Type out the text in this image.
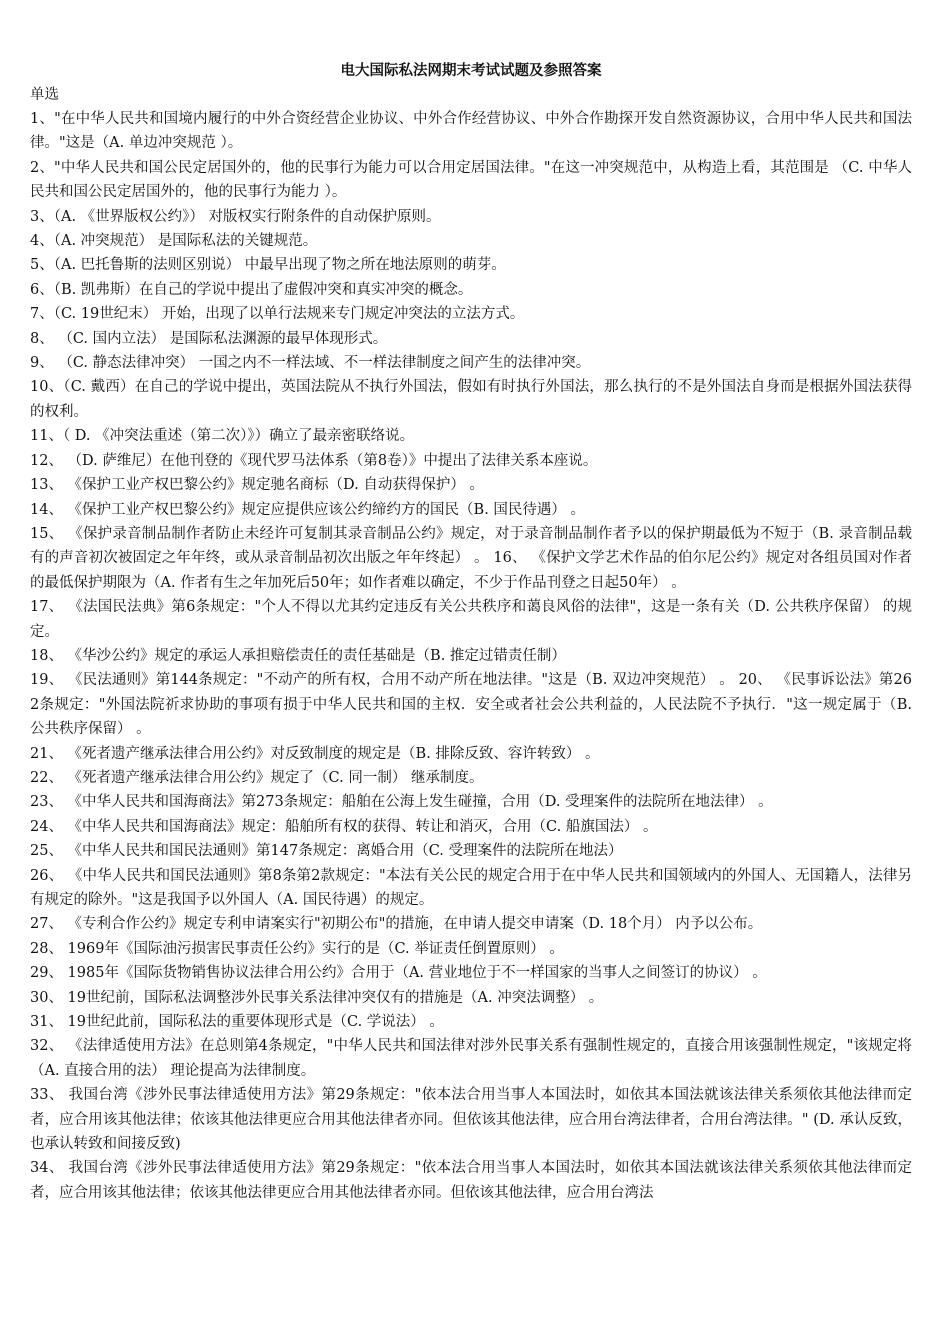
电大国际私法网期末考试试题及参照答案

单选

1、"在中华人民共和国境内履行的中外合资经营企业协议、中外合作经营协议、中外合作勘探开发自然资源协议，合用中华人民共和国法律。"这是（A. 单边冲突规范 ）。

2、"中华人民共和国公民定居国外的，他的民事行为能力可以合用定居国法律。"在这一冲突规范中，从构造上看，其范围是 （C. 中华人民共和国公民定居国外的，他的民事行为能力 ）。

3、（A. 《世界版权公约》） 对版权实行附条件的自动保护原则。

4、（A. 冲突规范） 是国际私法的关键规范。

5、（A. 巴托鲁斯的法则区别说） 中最早出现了物之所在地法原则的萌芽。

6、（B. 凯弗斯）在自己的学说中提出了虚假冲突和真实冲突的概念。

7、（C. 19世纪末） 开始，出现了以单行法规来专门规定冲突法的立法方式。

8、 （C. 国内立法） 是国际私法渊源的最早体现形式。

9、 （C. 静态法律冲突） 一国之内不一样法域、不一样法律制度之间产生的法律冲突。

10、（C. 戴西）在自己的学说中提出，英国法院从不执行外国法，假如有时执行外国法，那么执行的不是外国法自身而是根据外国法获得的权利。

11、（ D. 《冲突法重述（第二次）》）确立了最亲密联络说。

12、 （D. 萨维尼）在他刊登的《现代罗马法体系（第8卷）》中提出了法律关系本座说。

13、 《保护工业产权巴黎公约》规定驰名商标（D. 自动获得保护） 。

14、 《保护工业产权巴黎公约》规定应提供应该公约缔约方的国民（B. 国民待遇） 。

15、 《保护录音制品制作者防止未经许可复制其录音制品公约》规定，对于录音制品制作者予以的保护期最低为不短于（B. 录音制品载有的声音初次被固定之年年终，或从录音制品初次出版之年年终起） 。 16、 《保护文学艺术作品的伯尔尼公约》规定对各组员国对作者的最低保护期限为（A. 作者有生之年加死后50年；如作者难以确定，不少于作品刊登之日起50年） 。

17、 《法国民法典》第6条规定："个人不得以尤其约定违反有关公共秩序和蔼良风俗的法律"，这是一条有关（D. 公共秩序保留） 的规定。

18、 《华沙公约》规定的承运人承担赔偿责任的责任基础是（B. 推定过错责任制）

19、 《民法通则》第144条规定："不动产的所有权，合用不动产所在地法律。"这是（B. 双边冲突规范） 。 20、 《民事诉讼法》第262条规定："外国法院祈求协助的事项有损于中华人民共和国的主权．安全或者社会公共利益的，人民法院不予执行．"这一规定属于（B. 公共秩序保留） 。

21、 《死者遗产继承法律合用公约》对反致制度的规定是（B. 排除反致、容许转致） 。

22、 《死者遗产继承法律合用公约》规定了（C. 同一制） 继承制度。

23、 《中华人民共和国海商法》第273条规定：船舶在公海上发生碰撞，合用（D. 受理案件的法院所在地法律） 。

24、 《中华人民共和国海商法》规定：船舶所有权的获得、转让和消灭，合用（C. 船旗国法） 。

25、 《中华人民共和国民法通则》第147条规定：离婚合用（C. 受理案件的法院所在地法）

26、 《中华人民共和国民法通则》第8条第2款规定："本法有关公民的规定合用于在中华人民共和国领域内的外国人、无国籍人，法律另有规定的除外。"这是我国予以外国人（A. 国民待遇）的规定。

27、 《专利合作公约》规定专利申请案实行"初期公布"的措施，在申请人提交申请案（D. 18个月） 内予以公布。

28、 1969年《国际油污损害民事责任公约》实行的是（C. 举证责任倒置原则） 。

29、 1985年《国际货物销售协议法律合用公约》合用于（A. 营业地位于不一样国家的当事人之间签订的协议） 。

30、 19世纪前，国际私法调整涉外民事关系法律冲突仅有的措施是（A. 冲突法调整） 。

31、 19世纪此前，国际私法的重要体现形式是（C. 学说法） 。

32、 《法律适使用方法》在总则第4条规定，"中华人民共和国法律对涉外民事关系有强制性规定的，直接合用该强制性规定，"该规定将（A. 直接合用的法） 理论提高为法律制度。

33、 我国台湾《涉外民事法律适使用方法》第29条规定："依本法合用当事人本国法时，如依其本国法就该法律关系须依其他法律而定者，应合用该其他法律；依该其他法律更应合用其他法律者亦同。但依该其他法律，应合用台湾法律者，合用台湾法律。" (D. 承认反致，也承认转致和间接反致)

34、 我国台湾《涉外民事法律适使用方法》第29条规定："依本法合用当事人本国法时，如依其本国法就该法律关系须依其他法律而定者，应合用该其他法律；依该其他法律更应合用其他法律者亦同。但依该其他法律，应合用台湾法
